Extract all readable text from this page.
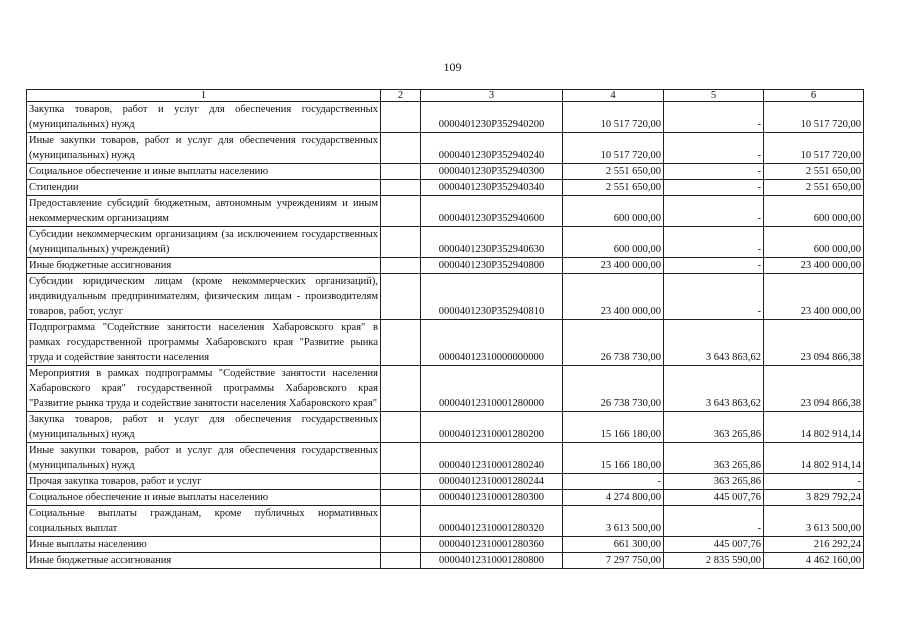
109
1	2	3	4	5	6
Закупка товаров, работ и услуг для обеспечения государственных (муниципальных) нужд		0000401230Р352940200	10 517 720,00	-	10 517 720,00
Иные закупки товаров, работ и услуг для обеспечения государственных (муниципальных) нужд		0000401230Р352940240	10 517 720,00	-	10 517 720,00
Социальное обеспечение и иные выплаты населению		0000401230Р352940300	2 551 650,00	-	2 551 650,00
Стипендии		0000401230Р352940340	2 551 650,00	-	2 551 650,00
Предоставление субсидий бюджетным, автономным учреждениям и иным некоммерческим организациям		0000401230Р352940600	600 000,00	-	600 000,00
Субсидии некоммерческим организациям (за исключением государственных (муниципальных) учреждений)		0000401230Р352940630	600 000,00	-	600 000,00
Иные бюджетные ассигнования		0000401230Р352940800	23 400 000,00	-	23 400 000,00
Субсидии юридическим лицам (кроме некоммерческих организаций), индивидуальным предпринимателям, физическим лицам - производителям товаров, работ, услуг		0000401230Р352940810	23 400 000,00	-	23 400 000,00
Подпрограмма "Содействие занятости населения Хабаровского края" в рамках государственной программы Хабаровского края "Развитие рынка труда и содействие занятости населения		00004012310000000000	26 738 730,00	3 643 863,62	23 094 866,38
Мероприятия в рамках подпрограммы "Содействие занятости населения Хабаровского края" государственной программы Хабаровского края "Развитие рынка труда и содействие занятости населения Хабаровского края"		00004012310001280000	26 738 730,00	3 643 863,62	23 094 866,38
Закупка товаров, работ и услуг для обеспечения государственных (муниципальных) нужд		00004012310001280200	15 166 180,00	363 265,86	14 802 914,14
Иные закупки товаров, работ и услуг для обеспечения государственных (муниципальных) нужд		00004012310001280240	15 166 180,00	363 265,86	14 802 914,14
Прочая закупка товаров, работ и услуг		00004012310001280244	-	363 265,86	-
Социальное обеспечение и иные выплаты населению		00004012310001280300	4 274 800,00	445 007,76	3 829 792,24
Социальные выплаты гражданам, кроме публичных нормативных социальных выплат		00004012310001280320	3 613 500,00	-	3 613 500,00
Иные выплаты населению		00004012310001280360	661 300,00	445 007,76	216 292,24
Иные бюджетные ассигнования		00004012310001280800	7 297 750,00	2 835 590,00	4 462 160,00
